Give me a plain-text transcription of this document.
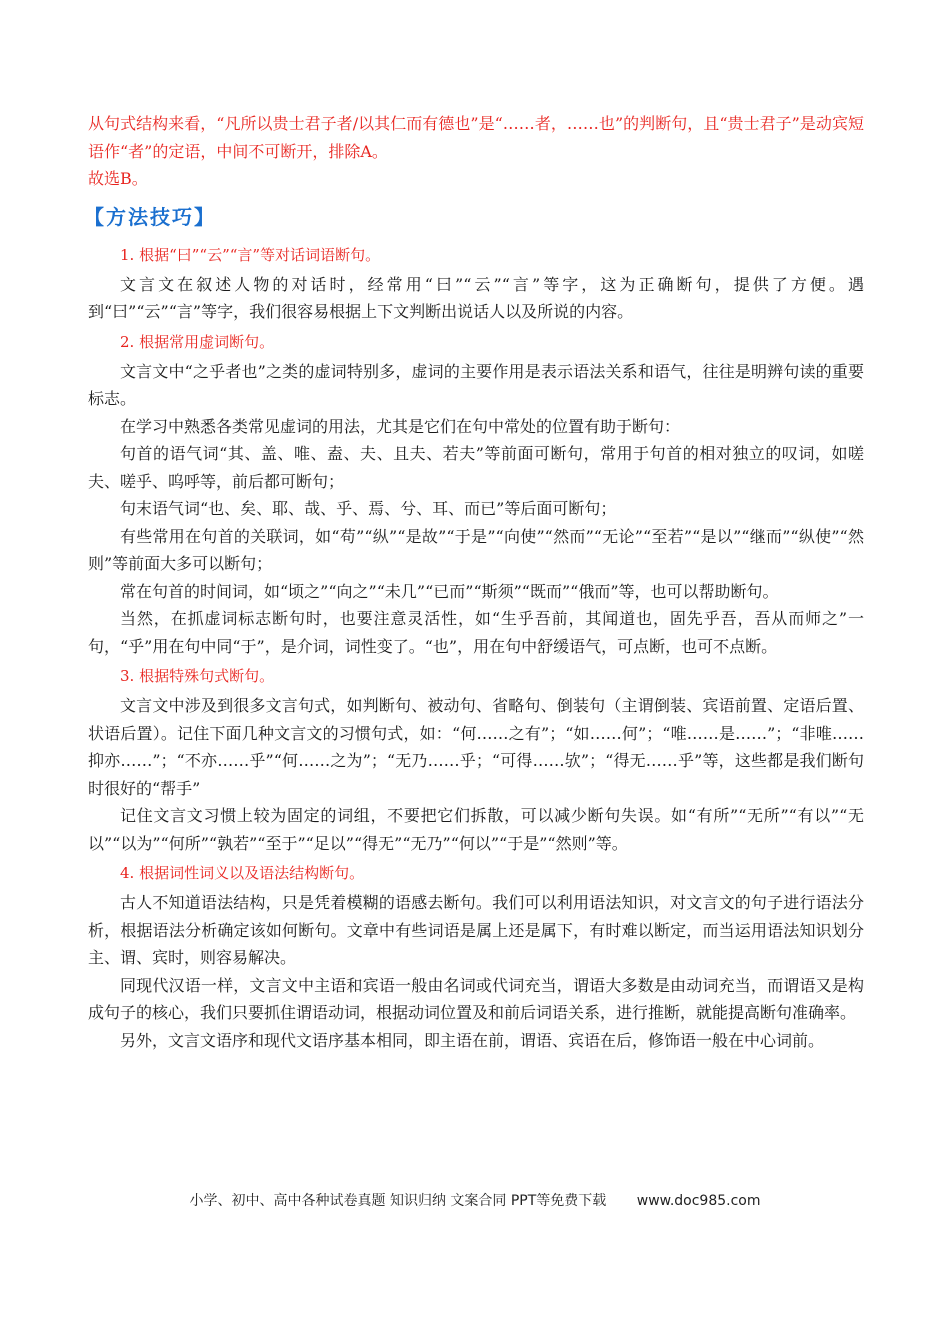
从句式结构来看，“凡所以贵士君子者/以其仁而有德也”是“……者，……也”的判断句，且“贵士君子”是动宾短语作“者”的定语，中间不可断开，排除A。

故选B。

【方法技巧】

1. 根据“曰”“云”“言”等对话词语断句。

文言文在叙述人物的对话时，经常用“曰”“云”“言”等字，这为正确断句，提供了方便。遇到“曰”“云”“言”等字，我们很容易根据上下文判断出说话人以及所说的内容。

2. 根据常用虚词断句。

文言文中“之乎者也”之类的虚词特别多，虚词的主要作用是表示语法关系和语气，往往是明辨句读的重要标志。

在学习中熟悉各类常见虚词的用法，尤其是它们在句中常处的位置有助于断句：

句首的语气词“其、盖、唯、盍、夫、且夫、若夫”等前面可断句，常用于句首的相对独立的叹词，如嗟夫、嗟乎、呜呼等，前后都可断句；

句末语气词“也、矣、耶、哉、乎、焉、兮、耳、而已”等后面可断句；

有些常用在句首的关联词，如“苟”“纵”“是故”“于是”“向使”“然而”“无论”“至若”“是以”“继而”“纵使”“然则”等前面大多可以断句；

常在句首的时间词，如“顷之”“向之”“未几”“已而”“斯须”“既而”“俄而”等，也可以帮助断句。

当然，在抓虚词标志断句时，也要注意灵活性，如“生乎吾前，其闻道也，固先乎吾，吾从而师之”一句，“乎”用在句中同“于”，是介词，词性变了。“也”，用在句中舒缓语气，可点断，也可不点断。

3. 根据特殊句式断句。

文言文中涉及到很多文言句式，如判断句、被动句、省略句、倒装句（主谓倒装、宾语前置、定语后置、状语后置）。记住下面几种文言文的习惯句式，如：“何……之有”；“如……何”；“唯……是……”；“非唯……抑亦……”；“不亦……乎”“何……之为”；“无乃……乎；“可得……欤”；“得无……乎”等，这些都是我们断句时很好的“帮手”

记住文言文习惯上较为固定的词组，不要把它们拆散，可以减少断句失误。如“有所”“无所”“有以”“无以”“以为”“何所”“孰若”“至于”“足以”“得无”“无乃”“何以”“于是”“然则”等。

4. 根据词性词义以及语法结构断句。

古人不知道语法结构，只是凭着模糊的语感去断句。我们可以利用语法知识，对文言文的句子进行语法分析，根据语法分析确定该如何断句。文章中有些词语是属上还是属下，有时难以断定，而当运用语法知识划分主、谓、宾时，则容易解决。

同现代汉语一样，文言文中主语和宾语一般由名词或代词充当，谓语大多数是由动词充当，而谓语又是构成句子的核心，我们只要抓住谓语动词，根据动词位置及和前后词语关系，进行推断，就能提高断句准确率。

另外，文言文语序和现代文语序基本相同，即主语在前，谓语、宾语在后，修饰语一般在中心词前。

小学、初中、高中各种试卷真题 知识归纳 文案合同 PPT等免费下载 www.doc985.com
